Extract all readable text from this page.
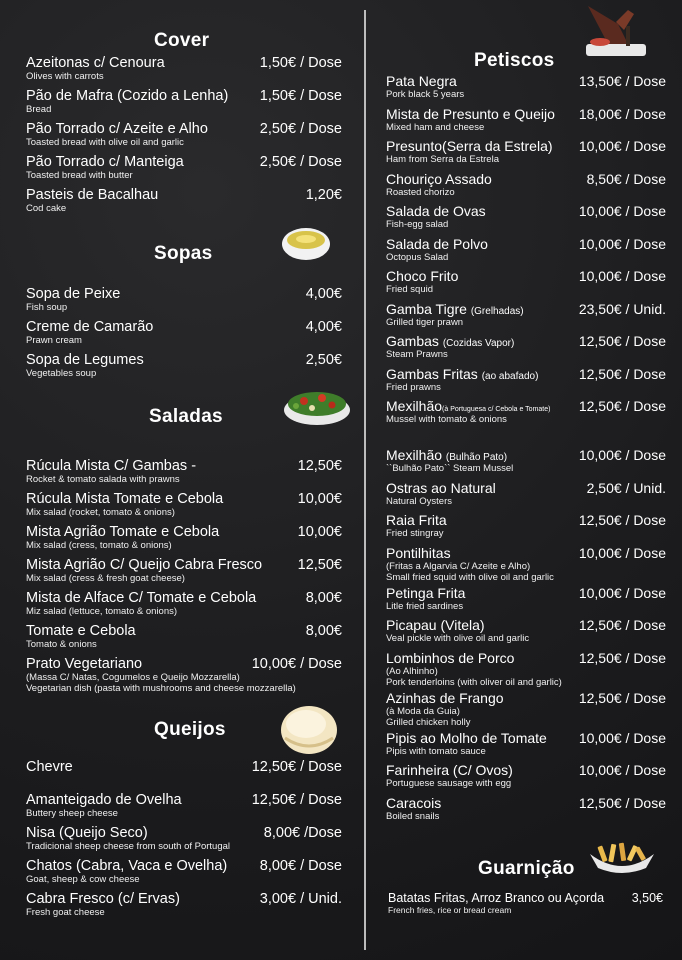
Cover
Azeitonas c/ Cenoura	1,50€ / Dose
Olives with carrots
Pão de Mafra (Cozido a Lenha) 1,50€ / Dose
Bread
Pão Torrado c/ Azeite e Alho	2,50€ / Dose
Toasted bread with olive oil and garlic
Pão Torrado c/ Manteiga	2,50€ / Dose
Toasted bread with butter
Pasteis de Bacalhau	1,20€
Cod cake
Sopas
Sopa de Peixe	4,00€
Fish soup
Creme de Camarão	4,00€
Prawn cream
Sopa de Legumes	2,50€
Vegetables soup
Saladas
Rúcula Mista C/ Gambas -	12,50€
Rocket & tomato salada with prawns
Rúcula Mista Tomate e Cebola	10,00€
Mix salad (rocket, tomato & onions)
Mista Agrião Tomate e Cebola	10,00€
Mix salad (cress, tomato & onions)
Mista Agrião C/ Queijo Cabra Fresco 12,50€
Mix salad (cress & fresh goat cheese)
Mista de Alface C/ Tomate e Cebola	8,00€
Miz salad (lettuce, tomato & onions)
Tomate e Cebola	8,00€
Tomato & onions
Prato Vegetariano	10,00€ / Dose
(Massa C/ Natas, Cogumelos e Queijo Mozzarella)
Vegetarian dish (pasta with mushrooms and cheese mozzarella)
Queijos
Chevre	12,50€ / Dose
Amanteigado de Ovelha	12,50€ / Dose
Buttery sheep cheese
Nisa (Queijo Seco)	8,00€ /Dose
Tradicional sheep cheese from south of Portugal
Chatos (Cabra, Vaca e Ovelha) 8,00€ / Dose
Goat, sheep & cow cheese
Cabra Fresco (c/ Ervas)	3,00€ / Unid.
Fresh goat cheese
Petiscos
Pata Negra	13,50€ / Dose
Pork black 5 years
Mista de Presunto e Queijo 18,00€ / Dose
Mixed ham and cheese
Presunto(Serra da Estrela) 10,00€ / Dose
Ham from Serra da Estrela
Chouriço Assado	8,50€ / Dose
Roasted chorizo
Salada de Ovas	10,00€ / Dose
Fish-egg salad
Salada de Polvo	10,00€ / Dose
Octopus Salad
Choco Frito	10,00€ / Dose
Fried squid
Gamba Tigre (Grelhadas)	23,50€ / Unid.
Grilled tiger prawn
Gambas (Cozidas Vapor)	12,50€ / Dose
Steam Prawns
Gambas Fritas (ao abafado)	12,50€ / Dose
Fried prawns
Mexilhão(à Portuguesa c/ Cebola e Tomate) 12,50€ / Dose
Mussel with tomato & onions
Mexilhão (Bulhão Pato)	10,00€ / Dose
``Bulhão Pato`` Steam Mussel
Ostras ao Natural	2,50€ / Unid.
Natural Oysters
Raia Frita	12,50€ / Dose
Fried stingray
Pontilhitas	10,00€ / Dose
(Fritas a Algarvia C/ Azeite e Alho)
Small fried squid with olive oil and garlic
Petinga Frita	10,00€ / Dose
Litle fried sardines
Picapau (Vitela)	12,50€ / Dose
Veal pickle with olive oil and garlic
Lombinhos de Porco	12,50€ / Dose
(Ao Alhinho)
Pork tenderloins (with oliver oil and garlic)
Azinhas de Frango	12,50€ / Dose
(à Moda da Guia)
Grilled chicken holly
Pipis ao Molho de Tomate 10,00€ / Dose
Pipis with tomato sauce
Farinheira (C/ Ovos)	10,00€ / Dose
Portuguese sausage with egg
Caracois	12,50€ / Dose
Boiled snails
Guarnição
Batatas Fritas, Arroz Branco ou Açorda 3,50€
French fries, rice or bread cream
